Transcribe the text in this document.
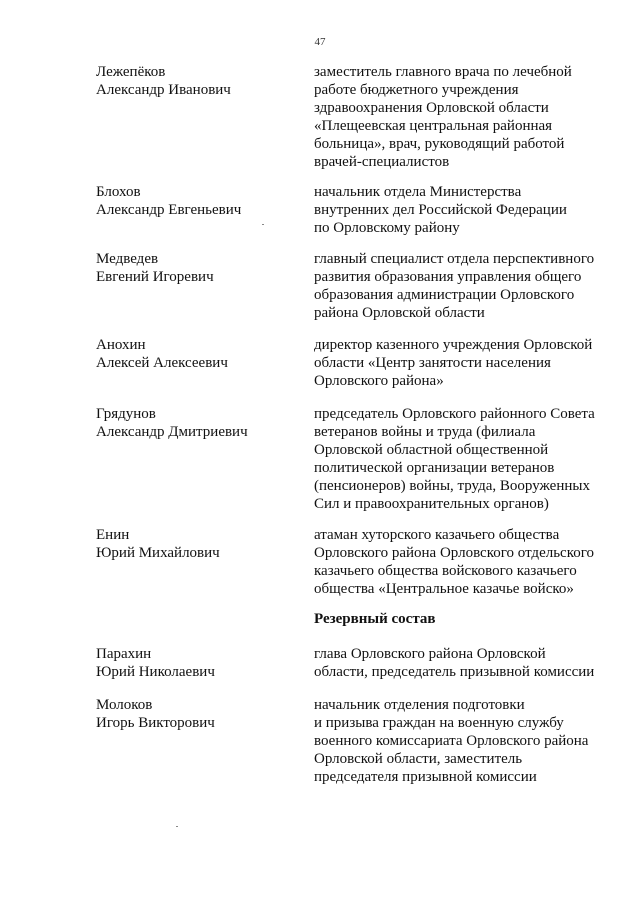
47
Лежепёков
Александр Иванович
заместитель главного врача по лечебной
работе бюджетного учреждения
здравоохранения Орловской области
«Плещеевская центральная районная
больница», врач, руководящий работой
врачей-специалистов
Блохов
Александр Евгеньевич
начальник отдела Министерства
внутренних дел Российской Федерации
по Орловскому району
Медведев
Евгений Игоревич
главный специалист отдела перспективного
развития образования управления общего
образования администрации Орловского
района Орловской области
Анохин
Алексей Алексеевич
директор казенного учреждения Орловской
области «Центр занятости населения
Орловского района»
Грядунов
Александр Дмитриевич
председатель Орловского районного Совета
ветеранов войны и труда (филиала
Орловской областной общественной
политической организации ветеранов
(пенсионеров) войны, труда, Вооруженных
Сил и правоохранительных органов)
Енин
Юрий Михайлович
атаман хуторского казачьего общества
Орловского района Орловского отдельского
казачьего общества войскового казачьего
общества «Центральное казачье войско»
Резервный состав
Парахин
Юрий Николаевич
глава Орловского района Орловской
области, председатель призывной комиссии
Молоков
Игорь Викторович
начальник отделения подготовки
и призыва граждан на военную службу
военного комиссариата Орловского района
Орловской области, заместитель
председателя призывной комиссии
